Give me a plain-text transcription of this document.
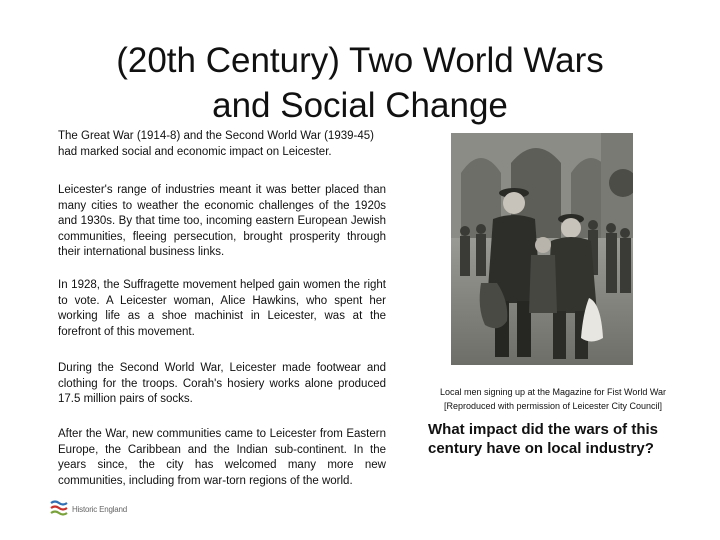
(20th Century) Two World Wars
and Social Change

The Great War (1914-8) and the Second World War (1939-45) had marked social and economic impact on Leicester.

Leicester's range of industries meant it was better placed than many cities to weather the economic challenges of the 1920s and 1930s. By that time too, incoming eastern European Jewish communities, fleeing persecution, brought prosperity through their international business links.

In 1928, the Suffragette movement helped gain women the right to vote. A Leicester woman, Alice Hawkins, who spent her working life as a shoe machinist in Leicester, was at the forefront of this movement.

During the Second World War, Leicester made footwear and clothing for the troops. Corah's hosiery works alone produced 17.5 million pairs of socks.

After the War, new communities came to Leicester from Eastern Europe, the Caribbean and the Indian sub-continent. In the years since, the city has welcomed many more new communities, including from war-torn regions of the world.

Local men signing up at the Magazine for Fist World War
[Reproduced with permission of Leicester City Council]

What impact did the wars of this century have on local industry?

Historic England
